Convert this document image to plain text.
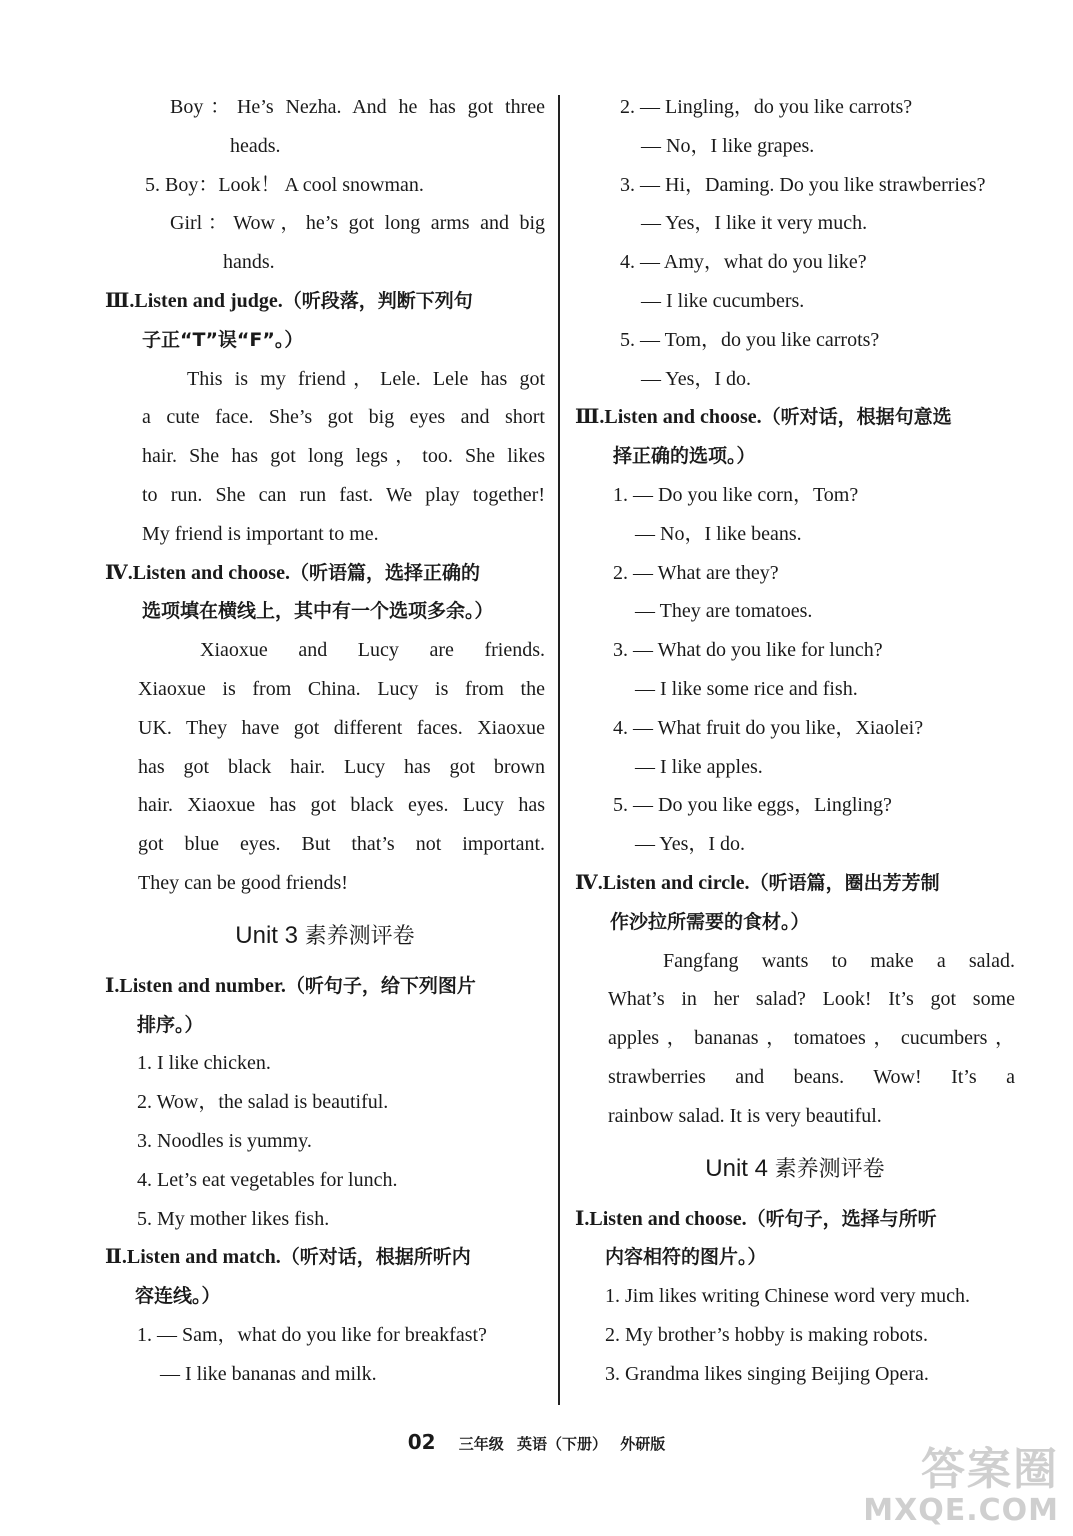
Boy：He’s Nezha. And he has got three
heads.
5. Boy：Look！ A cool snowman.
Girl：Wow，he’s got long arms and big
hands.
Ⅲ.Listen and judge.（听段落，判断下列句
子正“T”误“F”。）
This is my friend，Lele. Lele has got
a cute face. She’s got big eyes and short
hair. She has got long legs，too. She likes
to run. She can run fast. We play together!
My friend is important to me.
Ⅳ.Listen and choose.（听语篇，选择正确的
选项填在横线上，其中有一个选项多余。）
Xiaoxue and Lucy are friends.
Xiaoxue is from China. Lucy is from the
UK. They have got different faces. Xiaoxue
has got black hair. Lucy has got brown
hair. Xiaoxue has got black eyes. Lucy has
got blue eyes. But that’s not important.
They can be good friends!
Unit 3 素养测评卷
Ⅰ.Listen and number.（听句子，给下列图片
排序。）
1. I like chicken.
2. Wow，the salad is beautiful.
3. Noodles is yummy.
4. Let’s eat vegetables for lunch.
5. My mother likes fish.
Ⅱ.Listen and match.（听对话，根据所听内
容连线。）
1. — Sam，what do you like for breakfast?
— I like bananas and milk.
2. — Lingling，do you like carrots?
— No，I like grapes.
3. — Hi，Daming. Do you like strawberries?
— Yes，I like it very much.
4. — Amy，what do you like?
— I like cucumbers.
5. — Tom，do you like carrots?
— Yes，I do.
Ⅲ.Listen and choose.（听对话，根据句意选
择正确的选项。）
1. — Do you like corn，Tom?
— No，I like beans.
2. — What are they?
— They are tomatoes.
3. — What do you like for lunch?
— I like some rice and fish.
4. — What fruit do you like，Xiaolei?
— I like apples.
5. — Do you like eggs，Lingling?
— Yes，I do.
Ⅳ.Listen and circle.（听语篇，圈出芳芳制
作沙拉所需要的食材。）
Fangfang wants to make a salad.
What’s in her salad? Look! It’s got some
apples，bananas，tomatoes，cucumbers，
strawberries and beans. Wow! It’s a
rainbow salad. It is very beautiful.
Unit 4 素养测评卷
Ⅰ.Listen and choose.（听句子，选择与所听
内容相符的图片。）
1. Jim likes writing Chinese word very much.
2. My brother’s hobby is making robots.
3. Grandma likes singing Beijing Opera.
02 三年级 英语（下册） 外研版	答案圈
MXQE.COM
